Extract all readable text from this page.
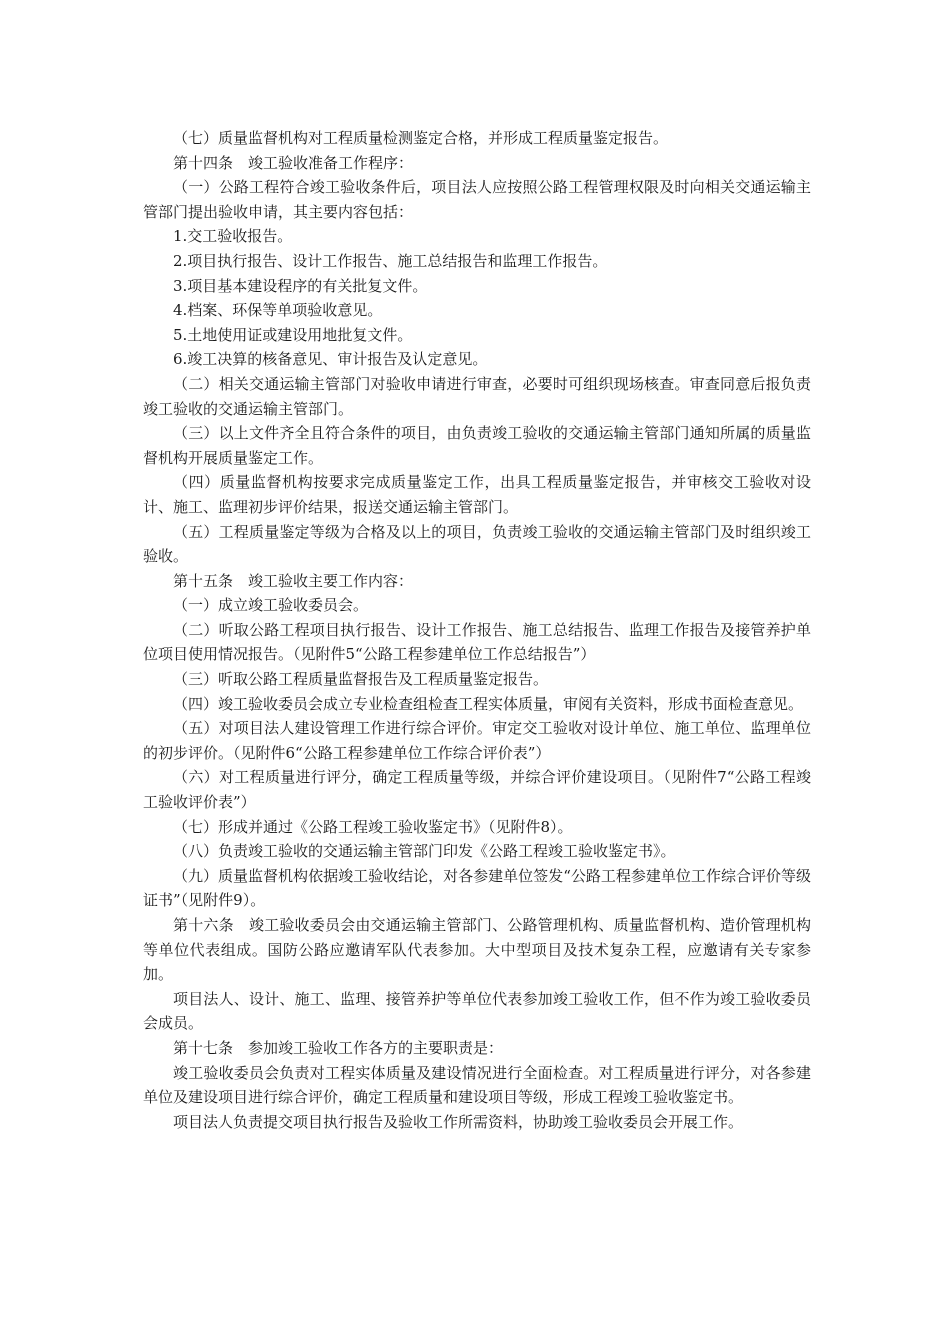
（七）质量监督机构对工程质量检测鉴定合格，并形成工程质量鉴定报告。

第十四条　竣工验收准备工作程序：

（一）公路工程符合竣工验收条件后，项目法人应按照公路工程管理权限及时向相关交通运输主管部门提出验收申请，其主要内容包括：

1.交工验收报告。

2.项目执行报告、设计工作报告、施工总结报告和监理工作报告。

3.项目基本建设程序的有关批复文件。

4.档案、环保等单项验收意见。

5.土地使用证或建设用地批复文件。

6.竣工决算的核备意见、审计报告及认定意见。

（二）相关交通运输主管部门对验收申请进行审查，必要时可组织现场核查。审查同意后报负责竣工验收的交通运输主管部门。

（三）以上文件齐全且符合条件的项目，由负责竣工验收的交通运输主管部门通知所属的质量监督机构开展质量鉴定工作。

（四）质量监督机构按要求完成质量鉴定工作，出具工程质量鉴定报告，并审核交工验收对设计、施工、监理初步评价结果，报送交通运输主管部门。

（五）工程质量鉴定等级为合格及以上的项目，负责竣工验收的交通运输主管部门及时组织竣工验收。

第十五条　竣工验收主要工作内容：

（一）成立竣工验收委员会。

（二）听取公路工程项目执行报告、设计工作报告、施工总结报告、监理工作报告及接管养护单位项目使用情况报告。（见附件5“公路工程参建单位工作总结报告”）

（三）听取公路工程质量监督报告及工程质量鉴定报告。

（四）竣工验收委员会成立专业检查组检查工程实体质量，审阅有关资料，形成书面检查意见。

（五）对项目法人建设管理工作进行综合评价。审定交工验收对设计单位、施工单位、监理单位的初步评价。（见附件6“公路工程参建单位工作综合评价表”）

（六）对工程质量进行评分，确定工程质量等级，并综合评价建设项目。（见附件7“公路工程竣工验收评价表”）

（七）形成并通过《公路工程竣工验收鉴定书》（见附件8）。

（八）负责竣工验收的交通运输主管部门印发《公路工程竣工验收鉴定书》。

（九）质量监督机构依据竣工验收结论，对各参建单位签发“公路工程参建单位工作综合评价等级证书”（见附件9）。

第十六条　竣工验收委员会由交通运输主管部门、公路管理机构、质量监督机构、造价管理机构等单位代表组成。国防公路应邀请军队代表参加。大中型项目及技术复杂工程，应邀请有关专家参加。

项目法人、设计、施工、监理、接管养护等单位代表参加竣工验收工作，但不作为竣工验收委员会成员。

第十七条　参加竣工验收工作各方的主要职责是：

竣工验收委员会负责对工程实体质量及建设情况进行全面检查。对工程质量进行评分，对各参建单位及建设项目进行综合评价，确定工程质量和建设项目等级，形成工程竣工验收鉴定书。

项目法人负责提交项目执行报告及验收工作所需资料，协助竣工验收委员会开展工作。
